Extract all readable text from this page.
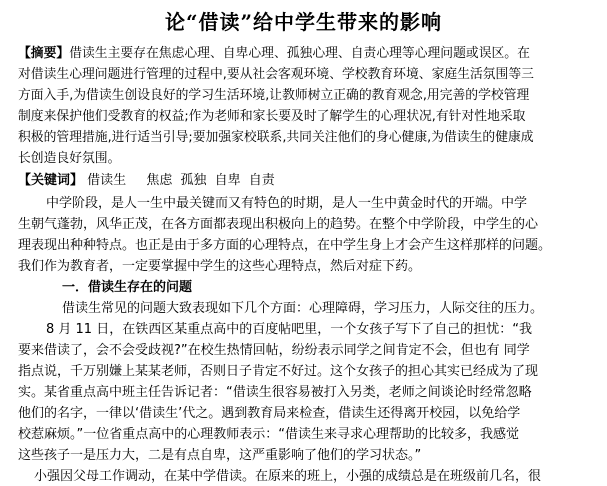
论“借读”给中学生带来的影响
【摘要】借读生主要存在焦虑心理、自卑心理、孤独心理、自责心理等心理问题或误区。在
对借读生心理问题进行管理的过程中,要从社会客观环境、学校教育环境、家庭生活氛围等三
方面入手,为借读生创设良好的学习生活环境,让教师树立正确的教育观念,用完善的学校管理
制度来保护他们受教育的权益;作为老师和家长要及时了解学生的心理状况,有针对性地采取
积极的管理措施,进行适当引导;要加强家校联系,共同关注他们的身心健康,为借读生的健康成
长创造良好氛围。
【关键词】 借读生 焦虑 孤独 自卑 自责
中学阶段，是人一生中最关键而又有特色的时期，是人一生中黄金时代的开端。中学
生朝气蓬勃，风华正茂，在各方面都表现出积极向上的趋势。在整个中学阶段，中学生的心
理表现出种种特点。也正是由于多方面的心理特点，在中学生身上才会产生这样那样的问题。
我们作为教育者，一定要掌握中学生的这些心理特点，然后对症下药。
一．借读生存在的问题
借读生常见的问题大致表现如下几个方面：心理障碍，学习压力，人际交往的压力。
8 月 11 日，在铁西区某重点高中的百度帖吧里，一个女孩子写下了自己的担忧：“我
要来借读了，会不会受歧视?”在校生热情回帖，纷纷表示同学之间肯定不会，但也有 同学
指点说，千万别嫌上某某老师，否则日子肯定不好过。这个女孩子的担心其实已经成为了现
实。某省重点高中班主任告诉记者：“借读生很容易被打入另类，老师之间谈论时经常忽略
他们的名字，一律以‘借读生’代之。遇到教育局来检查，借读生还得离开校园，以免给学
校惹麻烦。”一位省重点高中的心理教师表示：“借读生来寻求心理帮助的比较多，我感觉
这些孩子一是压力大，二是有点自卑，这严重影响了他们的学习状态。”
小强因父母工作调动，在某中学借读。在原来的班上，小强的成绩总是在班级前几名，很
